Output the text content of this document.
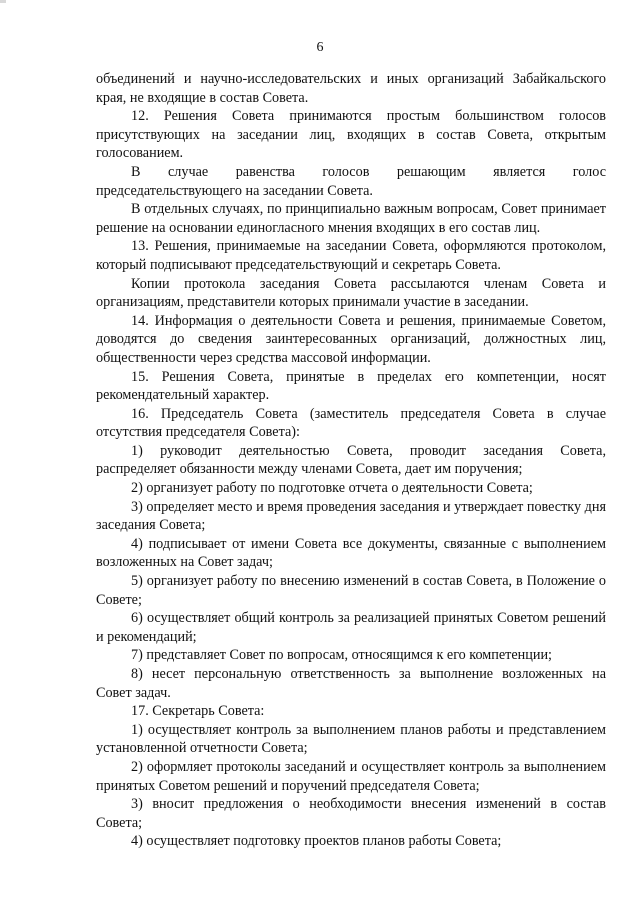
6

объединений и научно-исследовательских и иных организаций Забайкальского края, не входящие в состав Совета.

12. Решения Совета принимаются простым большинством голосов присутствующих на заседании лиц, входящих в состав Совета, открытым голосованием.

В случае равенства голосов решающим является голос председательствующего на заседании Совета.

В отдельных случаях, по принципиально важным вопросам, Совет принимает решение на основании единогласного мнения входящих в его состав лиц.

13. Решения, принимаемые на заседании Совета, оформляются протоколом, который подписывают председательствующий и секретарь Совета.

Копии протокола заседания Совета рассылаются членам Совета и организациям, представители которых принимали участие в заседании.

14. Информация о деятельности Совета и решения, принимаемые Советом, доводятся до сведения заинтересованных организаций, должностных лиц, общественности через средства массовой информации.

15. Решения Совета, принятые в пределах его компетенции, носят рекомендательный характер.

16. Председатель Совета (заместитель председателя Совета в случае отсутствия председателя Совета):

1) руководит деятельностью Совета, проводит заседания Совета, распределяет обязанности между членами Совета, дает им поручения;

2) организует работу по подготовке отчета о деятельности Совета;

3) определяет место и время проведения заседания и утверждает повестку дня заседания Совета;

4) подписывает от имени Совета все документы, связанные с выполнением возложенных на Совет задач;

5) организует работу по внесению изменений в состав Совета, в Положение о Совете;

6) осуществляет общий контроль за реализацией принятых Советом решений и рекомендаций;

7) представляет Совет по вопросам, относящимся к его компетенции;

8) несет персональную ответственность за выполнение возложенных на Совет задач.

17. Секретарь Совета:

1) осуществляет контроль за выполнением планов работы и представлением установленной отчетности Совета;

2) оформляет протоколы заседаний и осуществляет контроль за выполнением принятых Советом решений и поручений председателя Совета;

3) вносит предложения о необходимости внесения изменений в состав Совета;

4) осуществляет подготовку проектов планов работы Совета;
